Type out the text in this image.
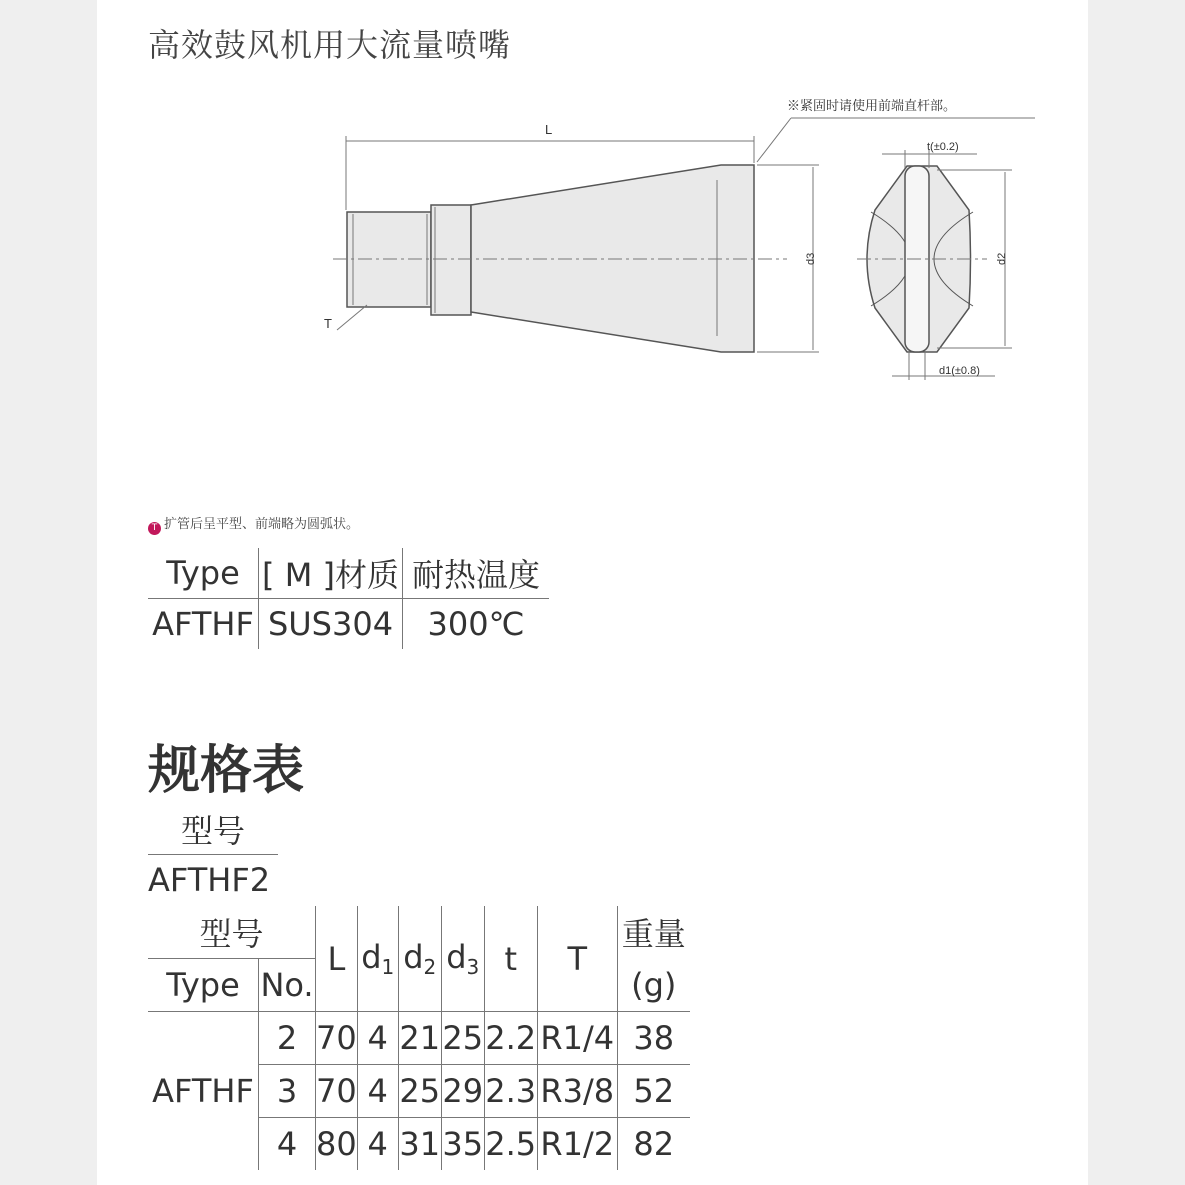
高效鼓风机用大流量喷嘴
L
T
d3	d2
t(±0.2)
d1(±0.8)
※紧固时请使用前端直杆部。
T 扩管后呈平型、前端略为圆弧状。
Type	[ M ]材质	耐热温度
AFTHF	SUS304	300℃
规格表
型号
AFTHF2
型号		L	$d_1$	$d_2$	$d_3$	t	T	重量
Type	No.							(g)
AFTHF	2	70	4	21	25	2.2	R1/4	38
	3	70	4	25	29	2.3	R3/8	52
	4	80	4	31	35	2.5	R1/2	82
